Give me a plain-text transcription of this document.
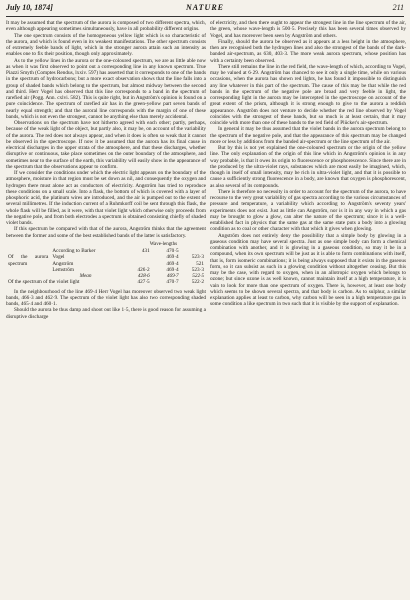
July 10, 1874]	NATURE	211

It may be assumed that the spectrum of the aurora is composed of two different spectra, which, even although appearing sometimes simultaneously, have in all probability different origins.

The one spectrum consists of the homogeneous yellow light which is so characteristic of the aurora, and which is found even in its weakest manifestations. The other spectrum consists of extremely feeble bands of light, which in the stronger aurora attain such an intensity as enables one to fix their position, though only approximately.

As to the yellow lines in the aurora or the one-coloured spectrum, we are as little able now as when it was first observed to point out a corresponding line in any known spectrum. True Piazzi Smyth (Comptes Rendus, lxxiv. 597) has asserted that it corresponds to one of the bands in the spectrum of hydrocarbons; but a more exact observation shows that the line falls into a group of shaded bands which belong to the spectrum, but almost midway between the second and third. Herr Vogel has observed that this line corresponds to a band in the spectrum of rarefied air (Pogg. Ann. cxlvi. 582). This is quite right, but in Angström's opinion is found on a pure coincidence. The spectrum of rarefied air has in the green-yellow part seven bands of nearly equal strength; and that the auroral line corresponds with the margin of one of these bands, which is not even the strongest, cannot be anything else than merely accidental.

Observations on the spectrum have not hitherto agreed with each other; partly, perhaps, because of the weak light of the object, but partly also, it may be, on account of the variability of the aurora. The red does not always appear, and when it does is often so weak that it cannot be observed in the spectroscope. If now it be assumed that the aurora has its final cause in electrical discharges in the upper strata of the atmosphere, and that these discharges, whether disruptive or continuous, take place sometimes on the outer boundary of the atmosphere, and sometimes near to the surface of the earth, this variability will easily show in the appearance of the spectrum that the observations appear to confirm.

If we consider the conditions under which the electric light appears on the boundary of the atmosphere, moisture in that region must be set down as nil, and consequently the oxygen and hydrogen there must alone act as conductors of electricity. Angström has tried to reproduce these conditions on a small scale. Into a flask, the bottom of which is covered with a layer of phosphoric acid, the platinum wires are introduced, and the air is pumped out to the extent of several millimetres. If the induction current of a Ruhmkorff coil be sent through this flask, the whole flask will be filled, as it were, with that violet light which otherwise only proceeds from the negative pole, and from both electrodes a spectrum is obtained consisting chiefly of shaded violet bands.

If this spectrum be compared with that of the aurora, Angström thinks that the agreement between the former and some of the best established bands of the latter is satisfactory.

		Wave-lengths		
Of the aurora spectrum	According to Barker	431	470·5	
	Vogel		469·4	523·3
	Angström		469·4	521
	Lemström	426·2	469·4	523·3
	Mean	428·6	469·7	522·5
Of the spectrum of the violet light		427·5	470·7	522·2

In the neighbourhood of the line 469·4 Herr Vogel has moreover observed two weak light bands, 466·3 and 462·9. The spectrum of the violet light has also two corresponding shaded bands, 465·4 and 460·1.

Should the aurora be thus damp and shoot out like 1·5, there is good reason for assuming a disruptive discharge

of electricity, and then there ought to appear the strongest line in the line spectrum of the air, the green, whose wave-length is 500·5. Precisely this has been several times observed by Vogel, and has moreover been seen by Angström and others.

Finally, should the aurora be observed as it appears at a less height in the atmosphere, then are recognised both the hydrogen lines and also the strongest of the bands of the dark-banded air-spectrum, as 630, 403·3. The more weak aurora spectrum, whose position has with a certainty been observed.

There still remains the line in the red field, the wave-length of which, according to Vogel, may be valued at 6·29. Angström has chanced to see it only a single time, while on various occasions, when the aurora has shown red lights, he has found it impossible to distinguish any line whatever in this part of the spectrum. The cause of this may be that while the red bands in the spectrum of the negative pole are broad and very feeble in light, the corresponding light in the aurora may be intercepted in the spectroscope on account of the great extent of the prism, although it is strong enough to give to the aurora a reddish appearance. Angström does not venture to decide whether the red line observed by Vogel coincides with the strongest of these bands, but so much is at least certain, that it may coincide with more than one of these bands to the red field of Plücker's air-spectrum.

In general it may be thus assumed that the violet bands in the aurora spectrum belong to the spectrum of the negative pole, and that the appearance of this spectrum may be changed more or less by additions from the banded air-spectrum or the line spectrum of the air.

But by this is not yet explained the one-coloured spectrum or the origin of the yellow line. The only explanation of the origin of this line which in Angström's opinion is in any way probable, is that it owes its origin to fluorescence or phosphorescence. Since there are in the produced by the ultra-violet rays, substances which are most easily be imagined, which, though in itself of small intensity, may be rich in ultra-violet light, and that it is possible to cause a sufficiently strong fluorescence in a body, are known that oxygen is phosphorescent, as also several of its compounds.

There is therefore no necessity in order to account for the spectrum of the aurora, to have recourse to the very great variability of gas spectra according to the various circumstances of pressure and temperature, a variability which according to Angström's seventy years' experiments does not exist. Just as little can Angström, nor is it in any way in which a gas may be brought to glow a glow, can alter the nature of the spectrum; since it is a well-established fact in physics that the same gas at the same state puts a body into a glowing condition as to coal or other character with that which it gives when glowing.

Angström does not entirely deny the possibility that a simple body by glowing in a gaseous condition may have several spectra. Just as one simple body can form a chemical combination with another, and it is glowing in a gaseous condition, so may it be in a compound, when its own spectrum will be just as it is able to form combinations with itself, that is, form isomeric combinations; it is being always supposed that it exists in the gaseous form, so it can subsist as such in a glowing condition without altogether ceasing. But this may be the case, with regard to oxygen, when in an allotropic oxygen which belongs to ozone; but since ozone is as well known, cannot maintain itself at a high temperature, it is vain to look for more than one spectrum of oxygen. There is, however, at least one body which seems to be shown several spectra, and that body is carbon. As to sulphur, a similar explanation applies at least to carbon, why carbon will be seen in a high temperature gas in some condition a like spectrum in two such that it is visible by the support of explanation.
